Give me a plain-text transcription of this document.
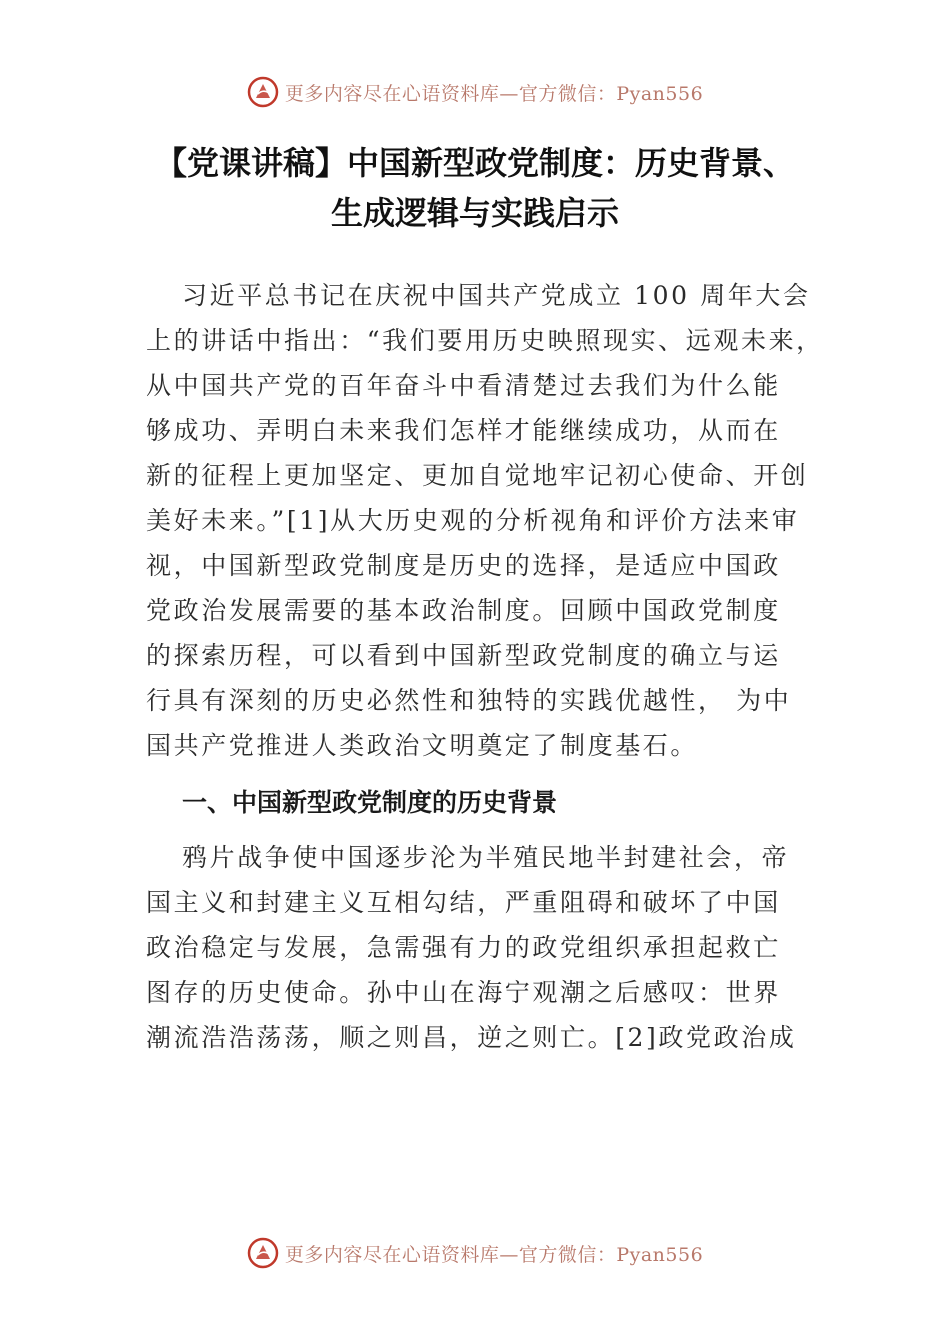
更多内容尽在心语资料库—官方微信：Pyan556
【党课讲稿】中国新型政党制度：历史背景、
生成逻辑与实践启示
习近平总书记在庆祝中国共产党成立 100 周年大会
上的讲话中指出：“我们要用历史映照现实、远观未来，
从中国共产党的百年奋斗中看清楚过去我们为什么能
够成功、弄明白未来我们怎样才能继续成功，从而在
新的征程上更加坚定、更加自觉地牢记初心使命、开创
美好未来。”[1]从大历史观的分析视角和评价方法来审
视，中国新型政党制度是历史的选择，是适应中国政
党政治发展需要的基本政治制度。回顾中国政党制度
的探索历程，可以看到中国新型政党制度的确立与运
行具有深刻的历史必然性和独特的实践优越性， 为中
国共产党推进人类政治文明奠定了制度基石。
一、中国新型政党制度的历史背景
鸦片战争使中国逐步沦为半殖民地半封建社会，帝
国主义和封建主义互相勾结，严重阻碍和破坏了中国
政治稳定与发展，急需强有力的政党组织承担起救亡
图存的历史使命。孙中山在海宁观潮之后感叹：世界
潮流浩浩荡荡，顺之则昌，逆之则亡。[2]政党政治成
更多内容尽在心语资料库—官方微信：Pyan556
